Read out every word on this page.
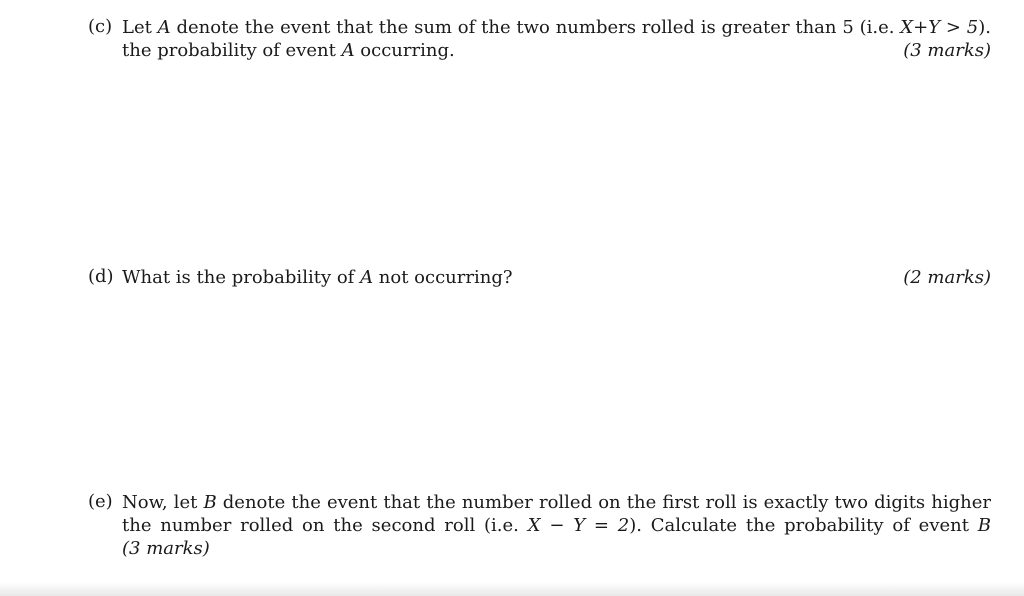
(c) Let A denote the event that the sum of the two numbers rolled is greater than 5 (i.e. X+Y > 5).
the probability of event A occurring.	(3 marks)
(d) What is the probability of A not occurring?	(2 marks)
(e) Now, let B denote the event that the number rolled on the first roll is exactly two digits higher
the number rolled on the second roll (i.e. X − Y = 2). Calculate the probability of event B
(3 marks)
